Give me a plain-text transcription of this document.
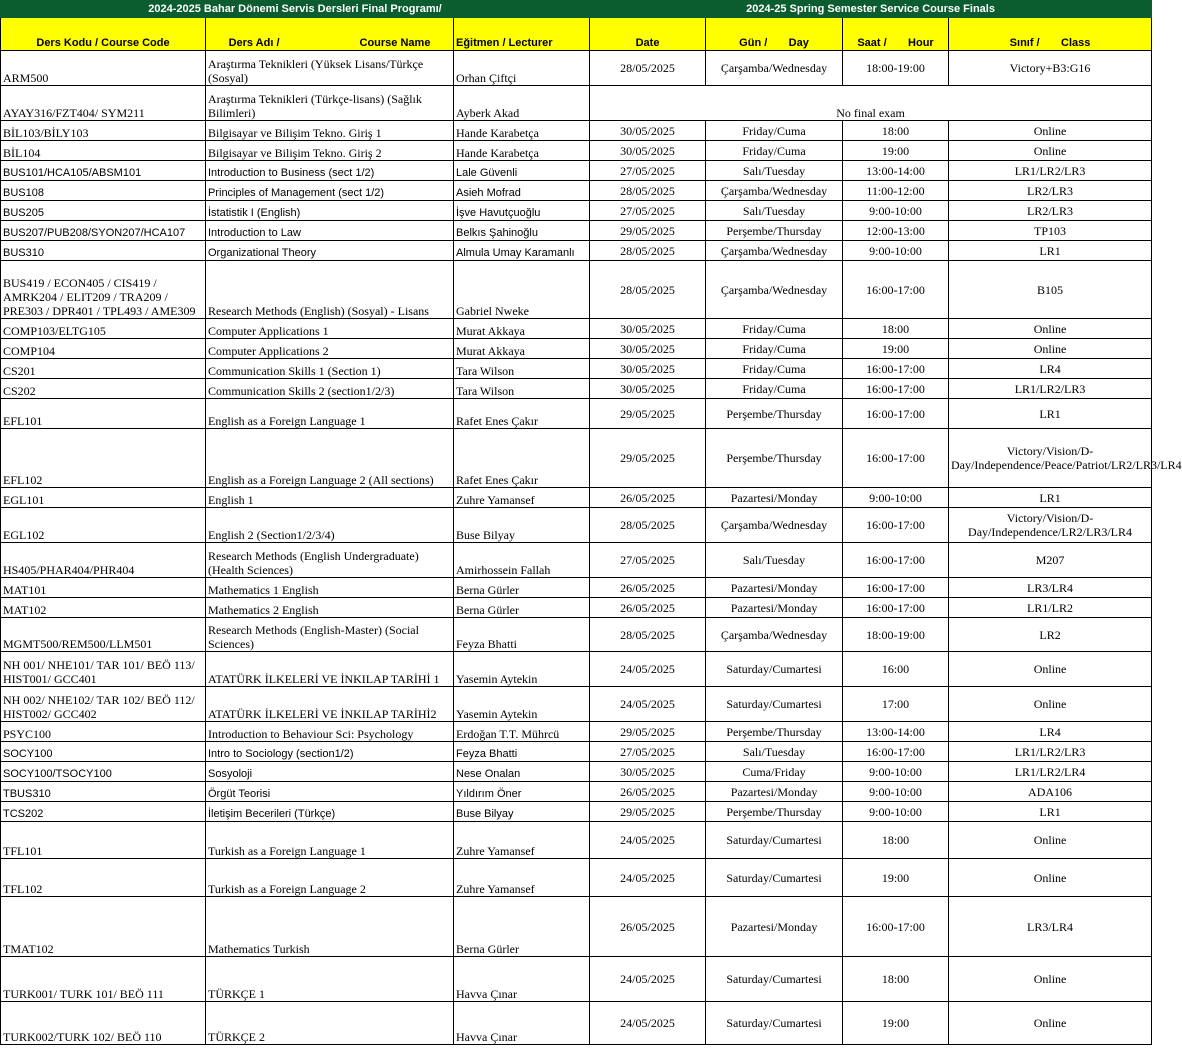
2024-2025 Bahar Dönemi Servis Dersleri Final Programı/			2024-25 Spring Semester Service Course Finals			
Ders Kodu / Course Code	Ders Adı / Course Name	Eğitmen / Lecturer	Date	Gün /       Day	Saat /       Hour	Sınıf /       Class
ARM500	Araştırma Teknikleri (Yüksek Lisans/Türkçe (Sosyal)	Orhan Çiftçi	28/05/2025	Çarşamba/Wednesday	18:00-19:00	Victory+B3:G16
AYAY316/FZT404/ SYM211	Araştırma Teknikleri (Türkçe-lisans) (Sağlık Bilimleri)	Ayberk Akad	No final exam			
BİL103/BİLY103	Bilgisayar ve Bilişim Tekno. Giriş 1	Hande Karabetça	30/05/2025	Friday/Cuma	18:00	Online
BİL104	Bilgisayar ve Bilişim Tekno. Giriş 2	Hande Karabetça	30/05/2025	Friday/Cuma	19:00	Online
BUS101/HCA105/ABSM101	Introduction to Business (sect 1/2)	Lale Güvenli	27/05/2025	Salı/Tuesday	13:00-14:00	LR1/LR2/LR3
BUS108	Principles of Management (sect 1/2)	Asieh Mofrad	28/05/2025	Çarşamba/Wednesday	11:00-12:00	LR2/LR3
BUS205	İstatistik I (English)	İşve Havutçuoğlu	27/05/2025	Salı/Tuesday	9:00-10:00	LR2/LR3
BUS207/PUB208/SYON207/HCA107	Introduction to Law	Belkıs Şahinoğlu	29/05/2025	Perşembe/Thursday	12:00-13:00	TP103
BUS310	Organizational Theory	Almula Umay Karamanlı	28/05/2025	Çarşamba/Wednesday	9:00-10:00	LR1
BUS419 / ECON405 / CIS419 / AMRK204 / ELIT209 / TRA209 / PRE303 / DPR401 / TPL493 / AME309	Research Methods (English) (Sosyal) - Lisans	Gabriel Nweke	28/05/2025	Çarşamba/Wednesday	16:00-17:00	B105
COMP103/ELTG105	Computer Applications 1	Murat Akkaya	30/05/2025	Friday/Cuma	18:00	Online
COMP104	Computer Applications 2	Murat Akkaya	30/05/2025	Friday/Cuma	19:00	Online
CS201	Communication Skills 1 (Section 1)	Tara Wilson	30/05/2025	Friday/Cuma	16:00-17:00	LR4
CS202	Communication Skills 2 (section1/2/3)	Tara Wilson	30/05/2025	Friday/Cuma	16:00-17:00	LR1/LR2/LR3
EFL101	English as a Foreign Language 1	Rafet Enes Çakır	29/05/2025	Perşembe/Thursday	16:00-17:00	LR1
EFL102	English as a Foreign Language 2 (All sections)	Rafet Enes Çakır	29/05/2025	Perşembe/Thursday	16:00-17:00	Victory/Vision/D-Day/Independence/Peace/Patriot/LR2/LR3/LR4
EGL101	English 1	Zuhre Yamansef	26/05/2025	Pazartesi/Monday	9:00-10:00	LR1
EGL102	English 2 (Section1/2/3/4)	Buse Bilyay	28/05/2025	Çarşamba/Wednesday	16:00-17:00	Victory/Vision/D-Day/Independence/LR2/LR3/LR4
HS405/PHAR404/PHR404	Research Methods (English Undergraduate) (Health Sciences)	Amirhossein Fallah	27/05/2025	Salı/Tuesday	16:00-17:00	M207
MAT101	Mathematics 1 English	Berna Gürler	26/05/2025	Pazartesi/Monday	16:00-17:00	LR3/LR4
MAT102	Mathematics 2 English	Berna Gürler	26/05/2025	Pazartesi/Monday	16:00-17:00	LR1/LR2
MGMT500/REM500/LLM501	Research Methods (English-Master) (Social Sciences)	Feyza Bhatti	28/05/2025	Çarşamba/Wednesday	18:00-19:00	LR2
NH 001/ NHE101/ TAR 101/ BEÖ 113/ HIST001/ GCC401	ATATÜRK İLKELERİ VE İNKILAP TARİHİ 1	Yasemin Aytekin	24/05/2025	Saturday/Cumartesi	16:00	Online
NH 002/ NHE102/ TAR 102/ BEÖ 112/ HIST002/ GCC402	ATATÜRK İLKELERİ VE İNKILAP TARİHİ2	Yasemin Aytekin	24/05/2025	Saturday/Cumartesi	17:00	Online
PSYC100	Introduction to Behaviour Sci: Psychology	Erdoğan T.T. Mührcü	29/05/2025	Perşembe/Thursday	13:00-14:00	LR4
SOCY100	Intro to Sociology (section1/2)	Feyza Bhatti	27/05/2025	Salı/Tuesday	16:00-17:00	LR1/LR2/LR3
SOCY100/TSOCY100	Sosyoloji	Nese Onalan	30/05/2025	Cuma/Friday	9:00-10:00	LR1/LR2/LR4
TBUS310	Örgüt Teorisi	Yıldırım Öner	26/05/2025	Pazartesi/Monday	9:00-10:00	ADA106
TCS202	İletişim Becerileri (Türkçe)	Buse Bilyay	29/05/2025	Perşembe/Thursday	9:00-10:00	LR1
TFL101	Turkish as a Foreign Language 1	Zuhre Yamansef	24/05/2025	Saturday/Cumartesi	18:00	Online
TFL102	Turkish as a Foreign Language 2	Zuhre Yamansef	24/05/2025	Saturday/Cumartesi	19:00	Online
TMAT102	Mathematics Turkish	Berna Gürler	26/05/2025	Pazartesi/Monday	16:00-17:00	LR3/LR4
TURK001/ TURK 101/ BEÖ 111	TÜRKÇE 1	Havva Çınar	24/05/2025	Saturday/Cumartesi	18:00	Online
TURK002/TURK 102/ BEÖ 110	TÜRKÇE 2	Havva Çınar	24/05/2025	Saturday/Cumartesi	19:00	Online
